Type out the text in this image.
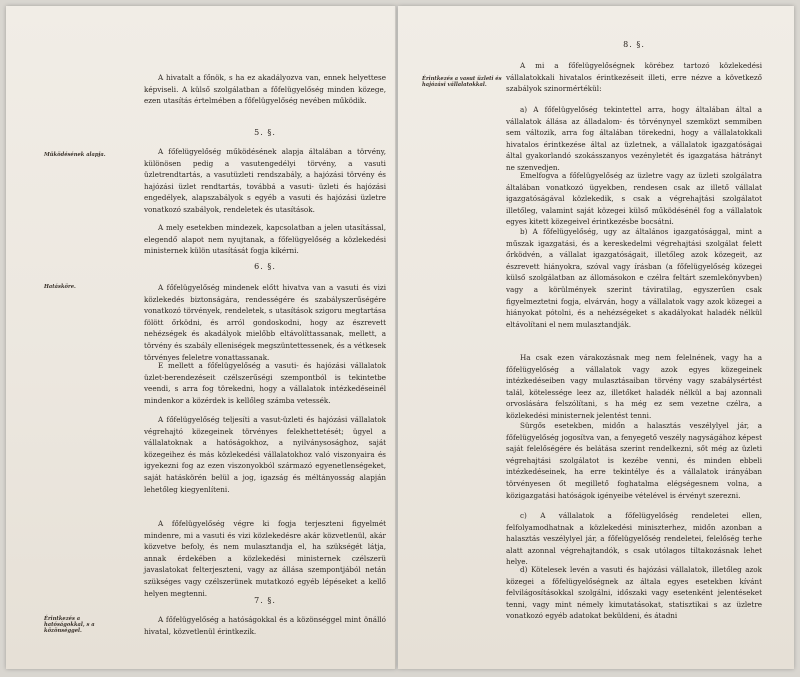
A hivatalt a főnök, s ha ez akadályozva van, ennek helyettese képviseli. A külső szolgálatban a főfelügyelőség minden közege, ezen utasítás értelmében a főfelügyelőség nevében működik.

5. §.

A főfelügyelőség működésének alapja általában a törvény, különösen pedig a vasutengedélyi törvény, a vasuti üzletrendtartás, a vasutüzleti rendszabály, a hajózási törvény és hajózási üzlet rendtartás, továbbá a vasuti- üzleti és hajózási engedélyek, alapszabályok s egyéb a vasuti és hajózási üzletre vonatkozó szabályok, rendeletek és utasítások.

A mely esetekben mindezek, kapcsolatban a jelen utasítással, elegendő alapot nem nyujtanak, a főfelügyelőség a közlekedési ministernek külön utasítását fogja kikérni.

6. §.

A főfelügyelőség mindenek előtt hivatva van a vasuti és vizi közlekedés biztonságára, rendességére és szabályszerűségére vonatkozó törvények, rendeletek, s utasítások szigoru megtartása fölött őrködni, és arról gondoskodni, hogy az észrevett nehézségek és akadályok mielőbb eltávolíttassanak, mellett, a törvény és szabály elleniségek megszüntettessenek, és a vétkesek törvényes feleletre vonattassanak.

E mellett a főfelügyelőség a vasuti- és hajózási vállalatok üzlet-berendezéseit czélszerűségi szempontból is tekintetbe veendi, s arra fog törekedni, hogy a vállalatok intézkedéseinél mindenkor a közérdek is kellőleg számba vetessék.

A főfelügyelőség teljesíti a vasut-üzleti és hajózási vállalatok végrehajtó közegeinek törvényes felekhettetését; ügyel a vállalatoknak a hatóságokhoz, a nyilványsosághoz, saját közegeihez és más közlekedési vállalatokhoz való viszonyaira és igyekezni fog az ezen viszonyokból származó egyenetlenségeket, saját hatáskörén belül a jog, igazság és méltányosság alapján lehetőleg kiegyenlíteni.

A főfelügyelőség végre ki fogja terjeszteni figyelmét mindenre, mi a vasuti és vizi közlekedésre akár közvetlenül, akár közvetve befoly, és nem mulasztandja el, ha szükségét látja, annak érdekében a közlekedési ministernek czélszerü javaslatokat felterjeszteni, vagy az állása szempontjából netán szükséges vagy czélszerünek mutatkozó egyéb lépéseket a kellő helyen megtenni.

7. §.

A főfelügyelőség a hatóságokkal és a közönséggel mint önálló hivatal, közvetlenül érintkezik.

Működésének alapja.
Hatásköre.
Érintkezés a hatóságokkal, s a közönséggel.
8. §.

A mi a főfelügyelőségnek körébez tartozó közlekedési vállalatokkali hivatalos érintkezéseit illeti, erre nézve a következő szabályok szinormértékül:

a) A főfelügyelőség tekintettel arra, hogy általában által a vállalatok állása az álladalom- és törvénynyel szemközt semmiben sem változik, arra fog általában törekedni, hogy a vállalatokkali hivatalos érintkezése által az üzletnek, a vállalatok igazgatóságai által gyakorlandó szokásszanyos vezényletét és igazgatása hátrányt ne szenvedjen.

Emelfogva a főfelügyelőség az üzletre vagy az üzleti szolgálatra általában vonatkozó ügyekben, rendesen csak az illető vállalat igazgatóságával közlekedik, s csak a végrehajtási szolgálatot illetőleg, valamint saját közegei külső működésénél fog a vállalatok egyes kitett közegeivel érintkezésbe bocsátni.

b) A főfelügyelőség, ugy az általános igazgatósággal, mint a műszak igazgatási, és a kereskedelmi végrehajtási szolgálat felett őrködvén, a vállalat igazgatóságait, illetőleg azok közegeit, az észrevett hiányokra, szóval vagy írásban (a főfelügyelőség közegei külső szolgálatban az állomásokon e czélra feltárt szemlekönyvben) vagy a körülmények szerint táviratilag, egyszerűen csak figyelmeztetni fogja, elvárván, hogy a vállalatok vagy azok közegei a hiányokat pótolni, és a nehézségeket s akadályokat haladék nélkül eltávolítani el nem mulasztandják.

Ha csak ezen várakozásnak meg nem felelnének, vagy ha a főfelügyelőség a vállalatok vagy azok egyes közegeinek intézkedéseiben vagy mulasztásaiban törvény vagy szabálysértést talál, kötelessége leez az, illetőket haladék nélkül a baj azonnali orvoslására felszólítani, s ha még ez sem vezetne czélra, a közlekedési ministernek jelentést tenni.

Sürgős esetekben, midőn a halasztás veszélylyel jár, a főfelügyelőség jogosítva van, a fenyegető veszély nagyságához képest saját felelőségére és belátása szerint rendelkezni, sőt még az üzleti végrehajtási szolgálatot is kezébe venni, és minden ebbeli intézkedéseinek, ha erre tekintélye és a vállalatok irányában törvényesen őt megillető foghatalma elégségesnem volna, a közigazgatási hatóságok igényeibe vételével is érvényt szerezni.

c) A vállalatok a főfelügyelőség rendeletei ellen, felfolyamodhatnak a közlekedési miniszterhez, midőn azonban a halasztás veszélylyel jár, a főfelügyelőség rendeletei, felelőség terhe alatt azonnal végrehajtandók, s csak utólagos tiltakozásnak lehet helye.

d) Kötelesek levén a vasuti és hajózási vállalatok, illetőleg azok közegei a főfelügyelőségnek az általa egyes esetekben kívánt felvilágosításokkal szolgálni, időszaki vagy esetenként jelentéseket tenni, vagy mint némely kimutatásokat, statisztikai s az üzletre vonatkozó egyéb adatokat beküldeni, és átadni

Érintkezés a vasut üzleti és hajózási vállalatokkal.
